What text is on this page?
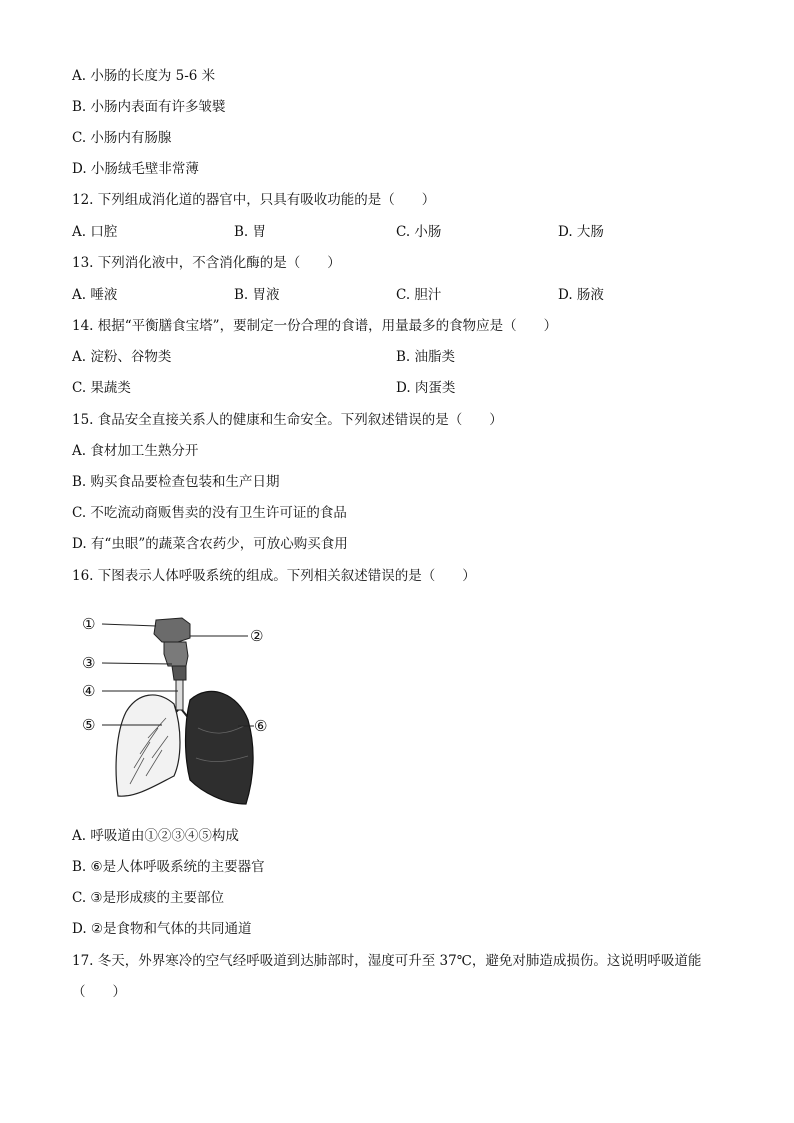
A. 小肠的长度为 5-6 米
B. 小肠内表面有许多皱襞
C. 小肠内有肠腺
D. 小肠绒毛壁非常薄
12. 下列组成消化道的器官中，只具有吸收功能的是（　　）
A. 口腔	B. 胃	C. 小肠	D. 大肠
13. 下列消化液中，不含消化酶的是（　　）
A. 唾液	B. 胃液	C. 胆汁	D. 肠液
14. 根据“平衡膳食宝塔”，要制定一份合理的食谱，用量最多的食物应是（　　）
A. 淀粉、谷物类	B. 油脂类
C. 果蔬类	D. 肉蛋类
15. 食品安全直接关系人的健康和生命安全。下列叙述错误的是（　　）
A. 食材加工生熟分开
B. 购买食品要检查包装和生产日期
C. 不吃流动商贩售卖的没有卫生许可证的食品
D. 有“虫眼”的蔬菜含农药少，可放心购买食用
16. 下图表示人体呼吸系统的组成。下列相关叙述错误的是（　　）
①
②
③
④
⑤	⑥
A. 呼吸道由①②③④⑤构成
B. ⑥是人体呼吸系统的主要器官
C. ③是形成痰的主要部位
D. ②是食物和气体的共同通道
17. 冬天，外界寒冷的空气经呼吸道到达肺部时，湿度可升至 37℃，避免对肺造成损伤。这说明呼吸道能
（　　）
